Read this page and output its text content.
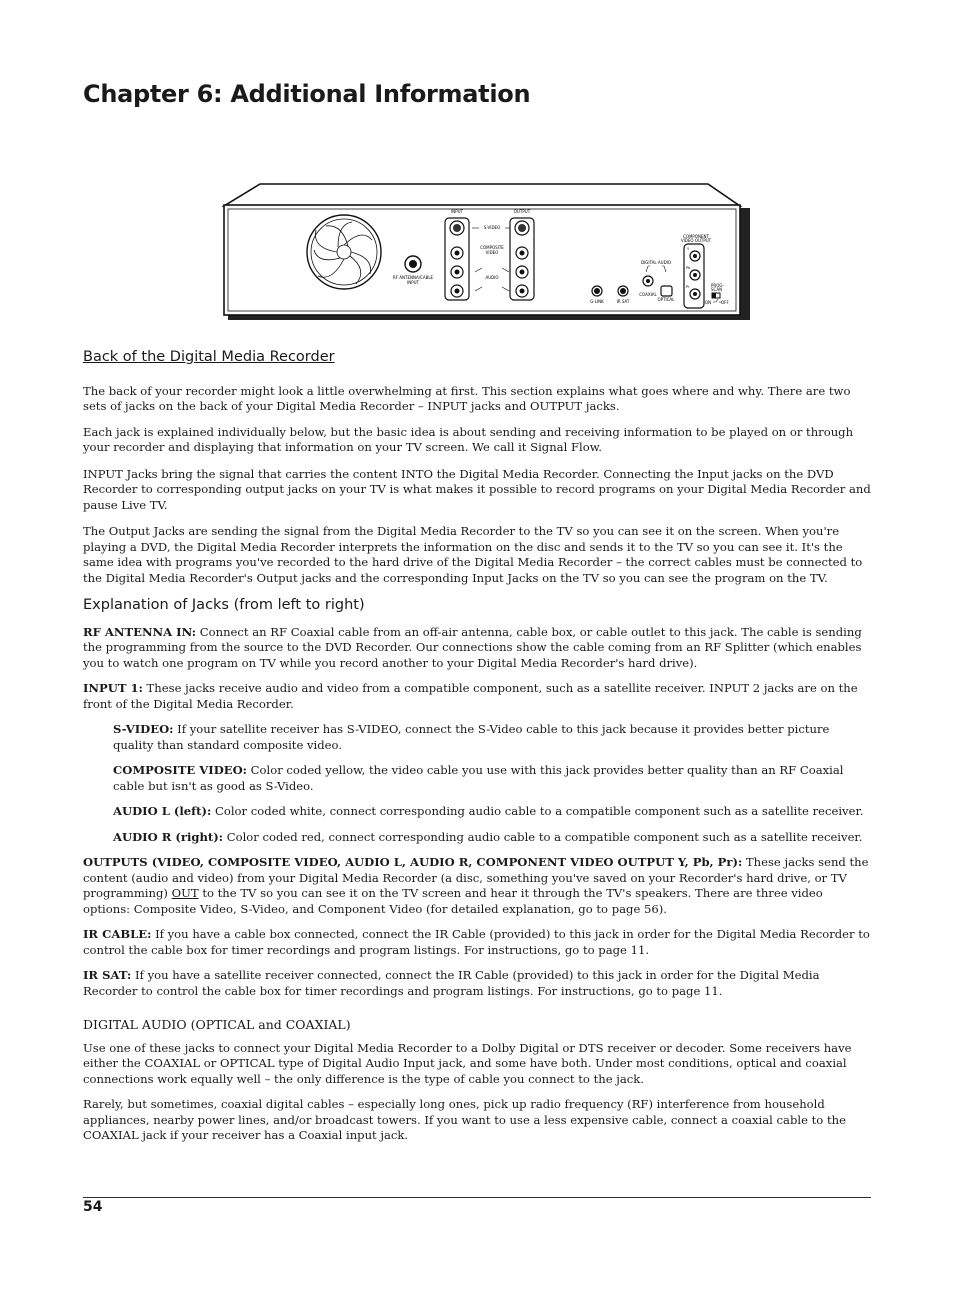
Chapter 6: Additional Information
RF ANTENNA/CABLE
INPUT
INPUT
S-VIDEO
COMPOSITE
VIDEO
AUDIO
OUTPUT
G-LINK	IR SAT
DIGITAL AUDIO
COAXIAL
OPTICAL
COMPONENT
VIDEO OUTPUT
Y
Pb
Pr	PROG-
SCAN
ON OFF
Back of the Digital Media Recorder

The back of your recorder might look a little overwhelming at first. This section explains what goes where and why. There are two sets of jacks on the back of your Digital Media Recorder – INPUT jacks and OUTPUT jacks.

Each jack is explained individually below, but the basic idea is about sending and receiving information to be played on or through your recorder and displaying that information on your TV screen. We call it Signal Flow.

INPUT Jacks bring the signal that carries the content INTO the Digital Media Recorder. Connecting the Input jacks on the DVD Recorder to corresponding output jacks on your TV is what makes it possible to record programs on your Digital Media Recorder and pause Live TV.

The Output Jacks are sending the signal from the Digital Media Recorder to the TV so you can see it on the screen. When you're playing a DVD, the Digital Media Recorder interprets the information on the disc and sends it to the TV so you can see it. It's the same idea with programs you've recorded to the hard drive of the Digital Media Recorder – the correct cables must be connected to the Digital Media Recorder's Output jacks and the corresponding Input Jacks on the TV so you can see the program on the TV.

Explanation of Jacks (from left to right)

RF ANTENNA IN: Connect an RF Coaxial cable from an off-air antenna, cable box, or cable outlet to this jack. The cable is sending the programming from the source to the DVD Recorder. Our connections show the cable coming from an RF Splitter (which enables you to watch one program on TV while you record another to your Digital Media Recorder's hard drive).

INPUT 1: These jacks receive audio and video from a compatible component, such as a satellite receiver. INPUT 2 jacks are on the front of the Digital Media Recorder.

S-VIDEO: If your satellite receiver has S-VIDEO, connect the S-Video cable to this jack because it provides better picture quality than standard composite video.

COMPOSITE VIDEO: Color coded yellow, the video cable you use with this jack provides better quality than an RF Coaxial cable but isn't as good as S-Video.

AUDIO L (left): Color coded white, connect corresponding audio cable to a compatible component such as a satellite receiver.

AUDIO R (right): Color coded red, connect corresponding audio cable to a compatible component such as a satellite receiver.

OUTPUTS (VIDEO, COMPOSITE VIDEO, AUDIO L, AUDIO R, COMPONENT VIDEO OUTPUT Y, Pb, Pr): These jacks send the content (audio and video) from your Digital Media Recorder (a disc, something you've saved on your Recorder's hard drive, or TV programming) OUT to the TV so you can see it on the TV screen and hear it through the TV's speakers. There are three video options: Composite Video, S-Video, and Component Video (for detailed explanation, go to page 56).

IR CABLE: If you have a cable box connected, connect the IR Cable (provided) to this jack in order for the Digital Media Recorder to control the cable box for timer recordings and program listings. For instructions, go to page 11.

IR SAT: If you have a satellite receiver connected, connect the IR Cable (provided) to this jack in order for the Digital Media Recorder to control the cable box for timer recordings and program listings. For instructions, go to page 11.

DIGITAL AUDIO (OPTICAL and COAXIAL)

Use one of these jacks to connect your Digital Media Recorder to a Dolby Digital or DTS receiver or decoder. Some receivers have either the COAXIAL or OPTICAL type of Digital Audio Input jack, and some have both. Under most conditions, optical and coaxial connections work equally well – the only difference is the type of cable you connect to the jack.

Rarely, but sometimes, coaxial digital cables – especially long ones, pick up radio frequency (RF) interference from household appliances, nearby power lines, and/or broadcast towers. If you want to use a less expensive cable, connect a coaxial cable to the COAXIAL jack if your receiver has a Coaxial input jack.

54
